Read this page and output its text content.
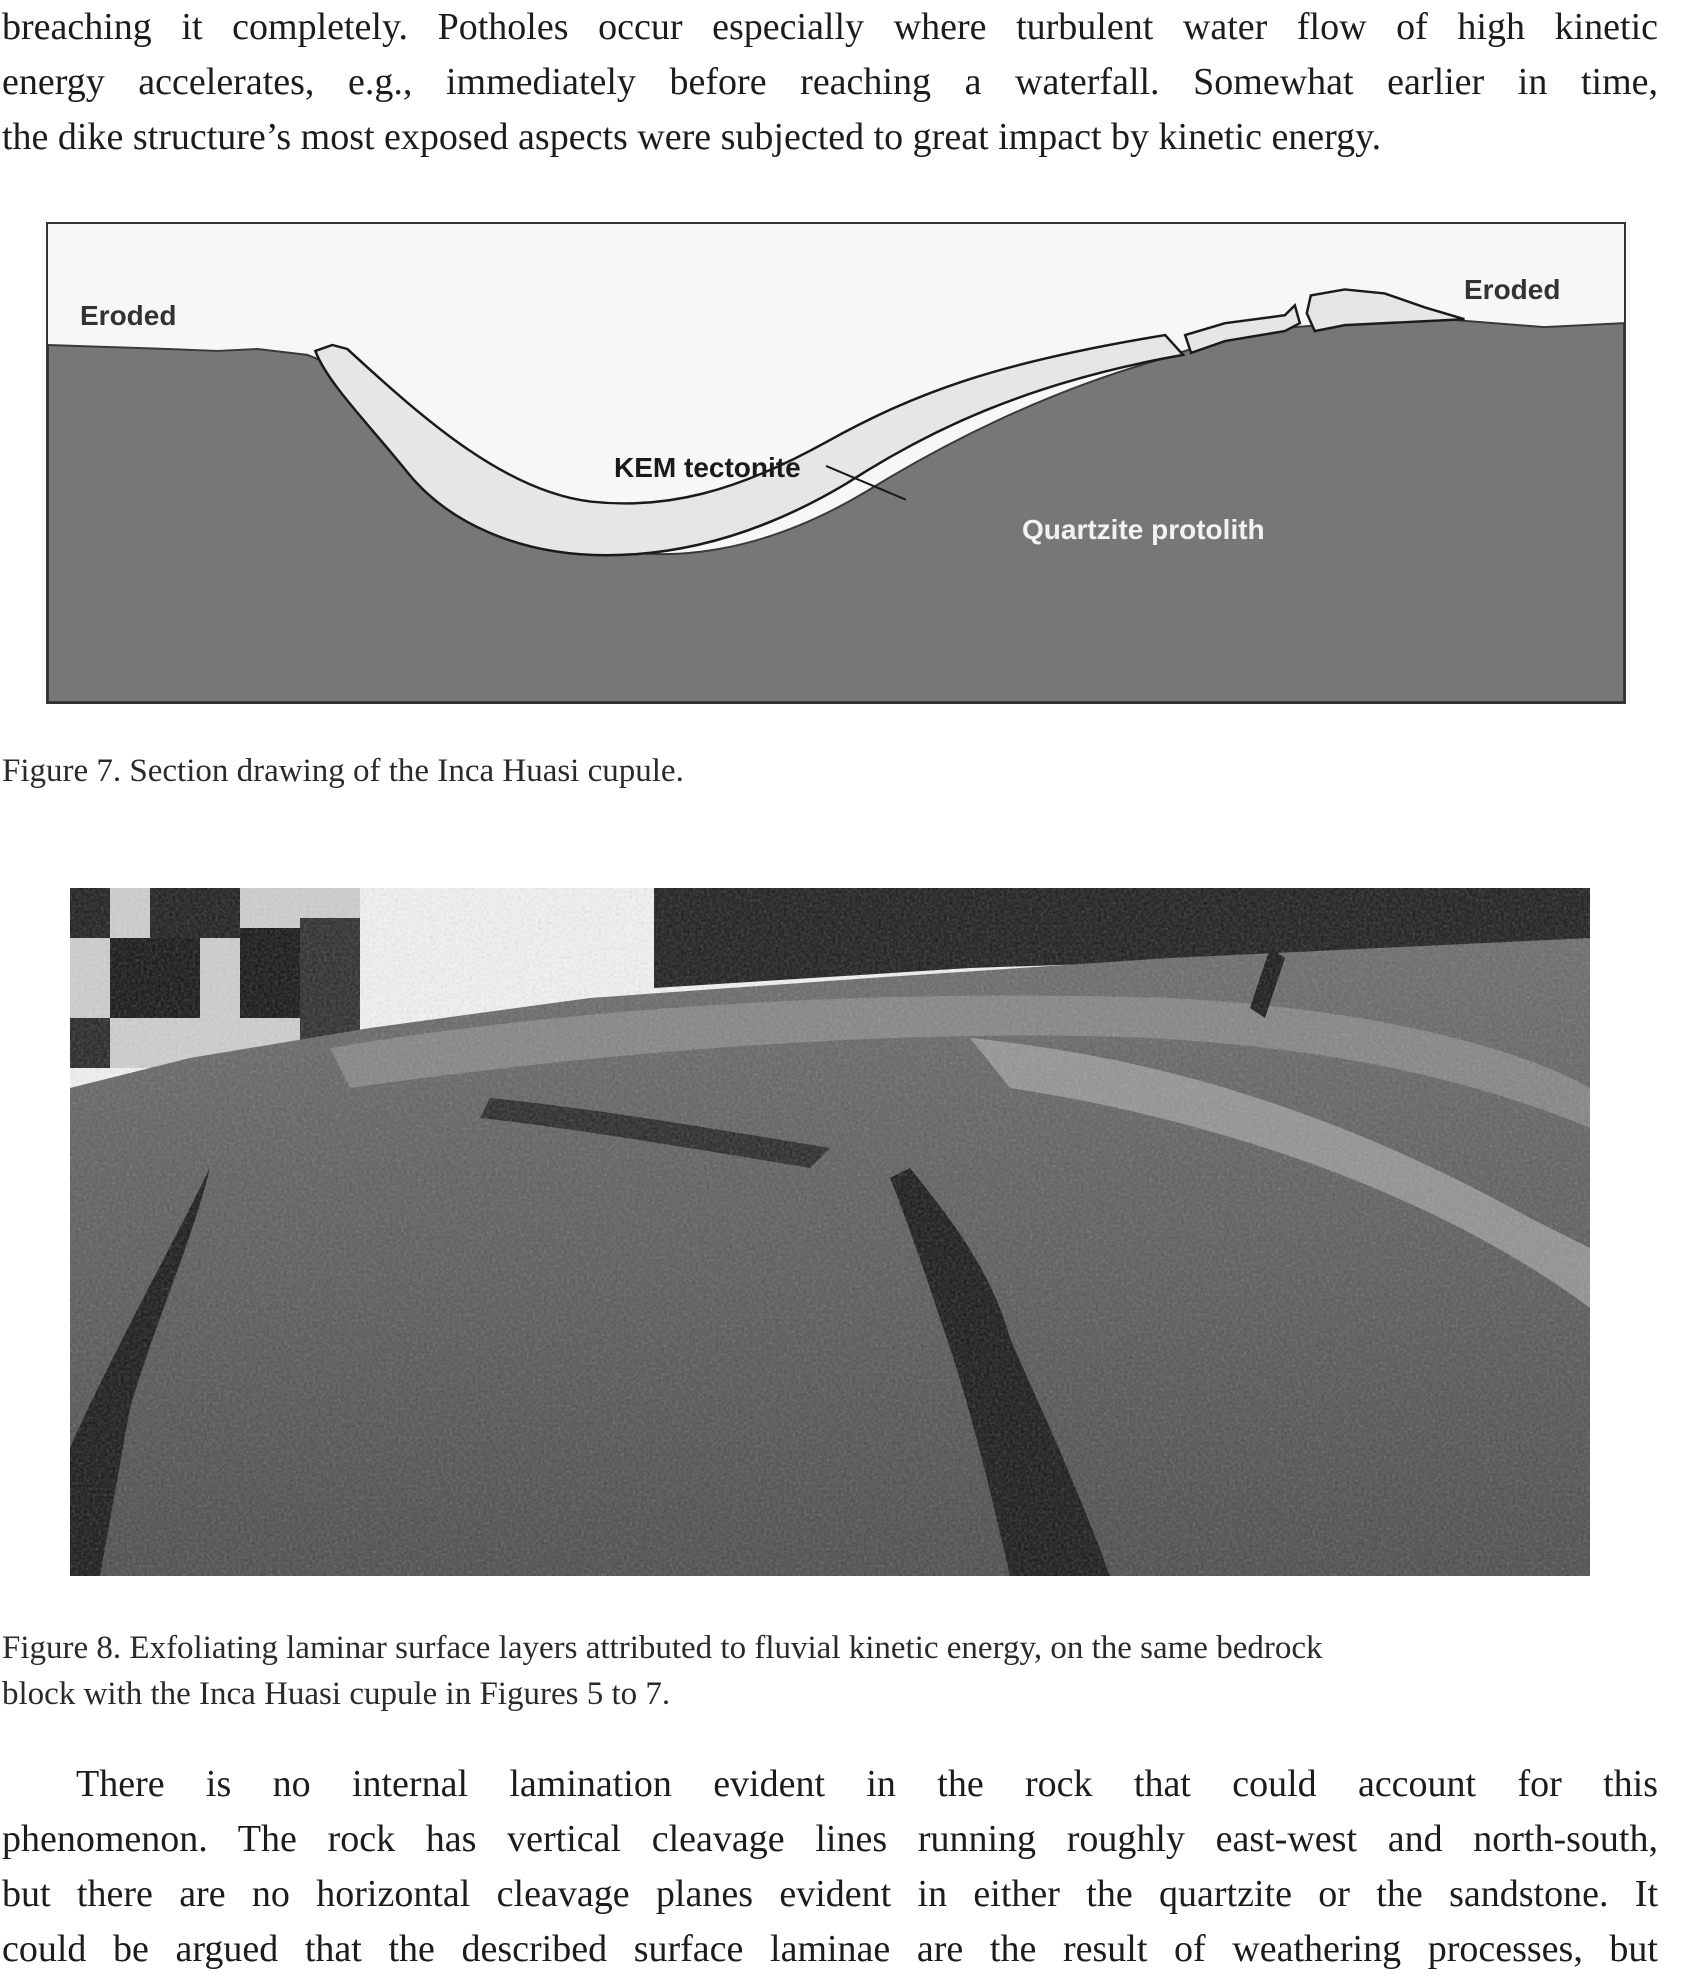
breaching it completely. Potholes occur especially where turbulent water flow of high kinetic
energy accelerates, e.g., immediately before reaching a waterfall. Somewhat earlier in time,
the dike structure’s most exposed aspects were subjected to great impact by kinetic energy.
Eroded
Eroded
KEM tectonite
Quartzite protolith
Figure 7. Section drawing of the Inca Huasi cupule.
Figure 8. Exfoliating laminar surface layers attributed to fluvial kinetic energy, on the same bedrock
block with the Inca Huasi cupule in Figures 5 to 7.
There is no internal lamination evident in the rock that could account for this
phenomenon. The rock has vertical cleavage lines running roughly east-west and north-south,
but there are no horizontal cleavage planes evident in either the quartzite or the sandstone. It
could be argued that the described surface laminae are the result of weathering processes, but
